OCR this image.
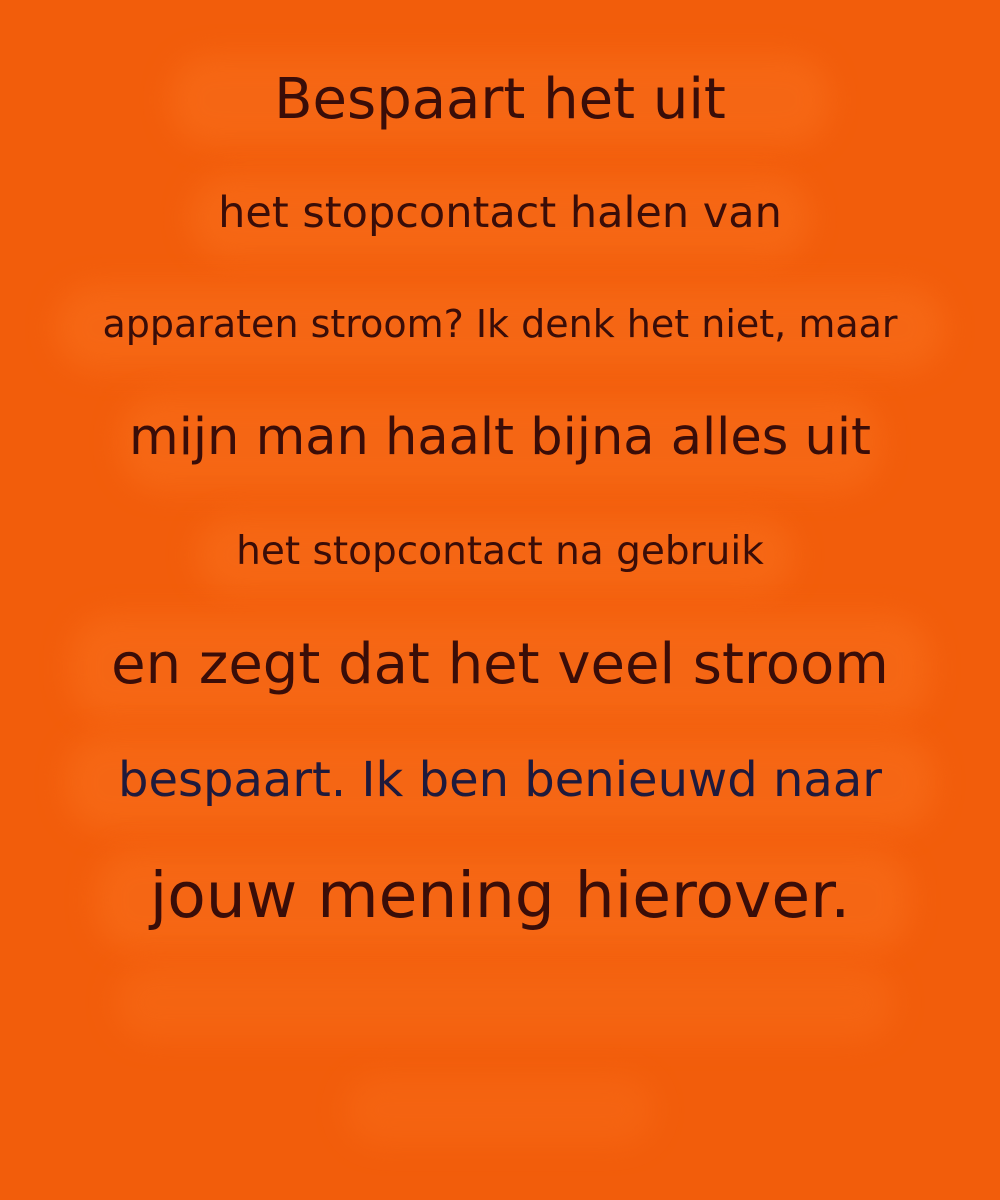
Bespaart het uit

het stopcontact halen van

apparaten stroom? Ik denk het niet, maar

mijn man haalt bijna alles uit

het stopcontact na gebruik

en zegt dat het veel stroom

bespaart. Ik ben benieuwd naar

jouw mening hierover.
